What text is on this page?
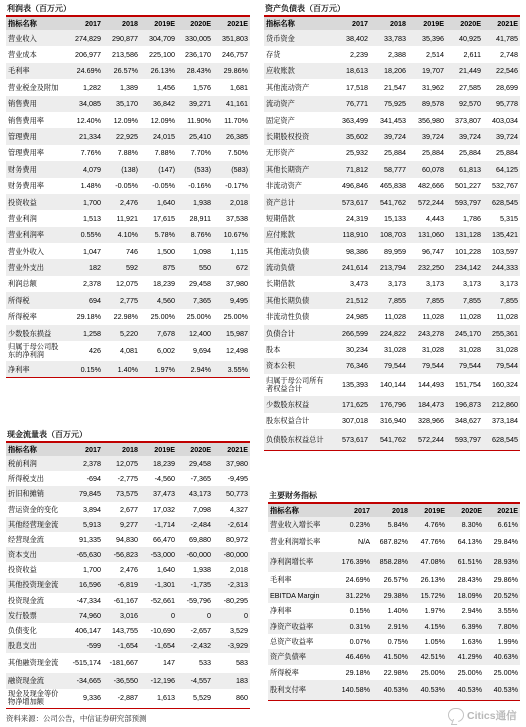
利润表（百万元）
指标名称	2017	2018	2019E	2020E	2021E
营业收入	274,829	290,877	304,709	330,005	351,803
营业成本	206,977	213,586	225,100	236,170	246,757
毛利率	24.69%	26.57%	26.13%	28.43%	29.86%
营业税金及附加	1,282	1,389	1,456	1,576	1,681
销售费用	34,085	35,170	36,842	39,271	41,161
销售费用率	12.40%	12.09%	12.09%	11.90%	11.70%
管理费用	21,334	22,925	24,015	25,410	26,385
管理费用率	7.76%	7.88%	7.88%	7.70%	7.50%
财务费用	4,079	(138)	(147)	(533)	(583)
财务费用率	1.48%	-0.05%	-0.05%	-0.16%	-0.17%
投资收益	1,700	2,476	1,640	1,938	2,018
营业利润	1,513	11,921	17,615	28,911	37,538
营业利润率	0.55%	4.10%	5.78%	8.76%	10.67%
营业外收入	1,047	746	1,500	1,098	1,115
营业外支出	182	592	875	550	672
利润总额	2,378	12,075	18,239	29,458	37,980
所得税	694	2,775	4,560	7,365	9,495
所得税率	29.18%	22.98%	25.00%	25.00%	25.00%
少数股东损益	1,258	5,220	7,678	12,400	15,987
归属于母公司股东的净利润	426	4,081	6,002	9,694	12,498
净利率	0.15%	1.40%	1.97%	2.94%	3.55%
资产负债表（百万元）
指标名称	2017	2018	2019E	2020E	2021E
货币资金	38,402	33,783	35,396	40,925	41,785
存货	2,239	2,388	2,514	2,611	2,748
应收账款	18,613	18,206	19,707	21,449	22,546
其他流动资产	17,518	21,547	31,962	27,585	28,699
流动资产	76,771	75,925	89,578	92,570	95,778
固定资产	363,499	341,453	356,980	373,807	403,034
长期股权投资	35,602	39,724	39,724	39,724	39,724
无形资产	25,932	25,884	25,884	25,884	25,884
其他长期资产	71,812	58,777	60,078	61,813	64,125
非流动资产	496,846	465,838	482,666	501,227	532,767
资产总计	573,617	541,762	572,244	593,797	628,545
短期借款	24,319	15,133	4,443	1,786	5,315
应付账款	118,910	108,703	131,060	131,128	135,421
其他流动负债	98,386	89,959	96,747	101,228	103,597
流动负债	241,614	213,794	232,250	234,142	244,333
长期借款	3,473	3,173	3,173	3,173	3,173
其他长期负债	21,512	7,855	7,855	7,855	7,855
非流动性负债	24,985	11,028	11,028	11,028	11,028
负债合计	266,599	224,822	243,278	245,170	255,361
股本	30,234	31,028	31,028	31,028	31,028
资本公积	76,346	79,544	79,544	79,544	79,544
归属于母公司所有者权益合计	135,393	140,144	144,493	151,754	160,324
少数股东权益	171,625	176,796	184,473	196,873	212,860
股东权益合计	307,018	316,940	328,966	348,627	373,184
负债股东权益总计	573,617	541,762	572,244	593,797	628,545
现金流量表（百万元）
指标名称	2017	2018	2019E	2020E	2021E
税前利润	2,378	12,075	18,239	29,458	37,980
所得税支出	-694	-2,775	-4,560	-7,365	-9,495
折旧和摊销	79,845	73,575	37,473	43,173	50,773
营运资金的变化	3,894	2,677	17,032	7,098	4,327
其他经营现金流	5,913	9,277	-1,714	-2,484	-2,614
经营现金流	91,335	94,830	66,470	69,880	80,972
资本支出	-65,630	-56,823	-53,000	-60,000	-80,000
投资收益	1,700	2,476	1,640	1,938	2,018
其他投资现金流	16,596	-6,819	-1,301	-1,735	-2,313
投资现金流	-47,334	-61,167	-52,661	-59,796	-80,295
发行股票	74,960	3,016	0	0	0
负债变化	406,147	143,755	-10,690	-2,657	3,529
股息支出	-599	-1,654	-1,654	-2,432	-3,929
其他融资现金流	-515,174	-181,667	147	533	583
融资现金流	-34,665	-36,550	-12,196	-4,557	183
现金及现金等价物净增加额	9,336	-2,887	1,613	5,529	860
主要财务指标
指标名称	2017	2018	2019E	2020E	2021E
营业收入增长率	0.23%	5.84%	4.76%	8.30%	6.61%
营业利润增长率	N/A	687.82%	47.76%	64.13%	29.84%
净利润增长率	176.39%	858.28%	47.08%	61.51%	28.93%
毛利率	24.69%	26.57%	26.13%	28.43%	29.86%
EBITDA Margin	31.22%	29.38%	15.72%	18.09%	20.52%
净利率	0.15%	1.40%	1.97%	2.94%	3.55%
净资产收益率	0.31%	2.91%	4.15%	6.39%	7.80%
总资产收益率	0.07%	0.75%	1.05%	1.63%	1.99%
资产负债率	46.46%	41.50%	42.51%	41.29%	40.63%
所得税率	29.18%	22.98%	25.00%	25.00%	25.00%
股利支付率	140.58%	40.53%	40.53%	40.53%	40.53%
资料来源：公司公告，中信证券研究部预测	Citics通信
